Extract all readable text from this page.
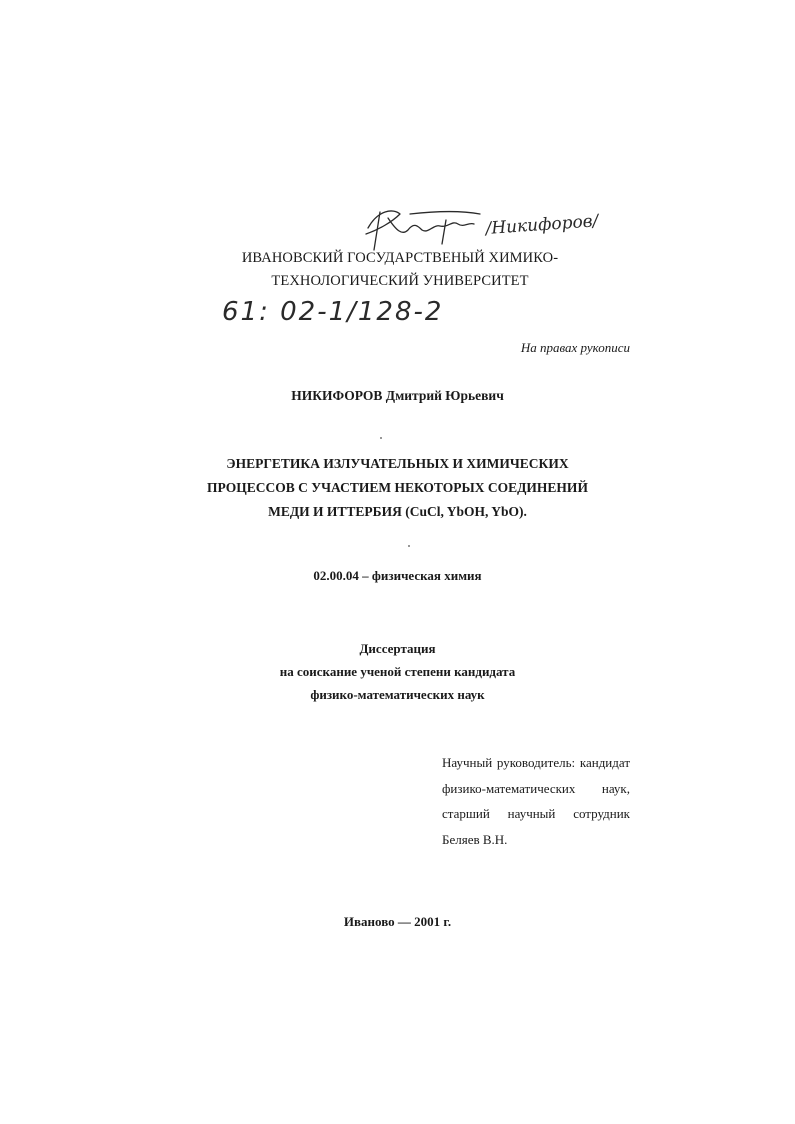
/Никифоров/
ИВАНОВСКИЙ ГОСУДАРСТВЕНЫЙ ХИМИКО-
ТЕХНОЛОГИЧЕСКИЙ УНИВЕРСИТЕТ
61: 02-1/128-2
На правах рукописи
НИКИФОРОВ Дмитрий Юрьевич
ЭНЕРГЕТИКА ИЗЛУЧАТЕЛЬНЫХ И ХИМИЧЕСКИХ
ПРОЦЕССОВ С УЧАСТИЕМ НЕКОТОРЫХ СОЕДИНЕНИЙ
МЕДИ И ИТТЕРБИЯ (CuCl, YbOH, YbO).
02.00.04 – физическая химия
Диссертация
на соискание ученой степени кандидата
физико-математических наук
Научный руководитель: кандидат
физико-математических наук,
старший научный сотрудник
Беляев В.Н.
Иваново — 2001 г.
